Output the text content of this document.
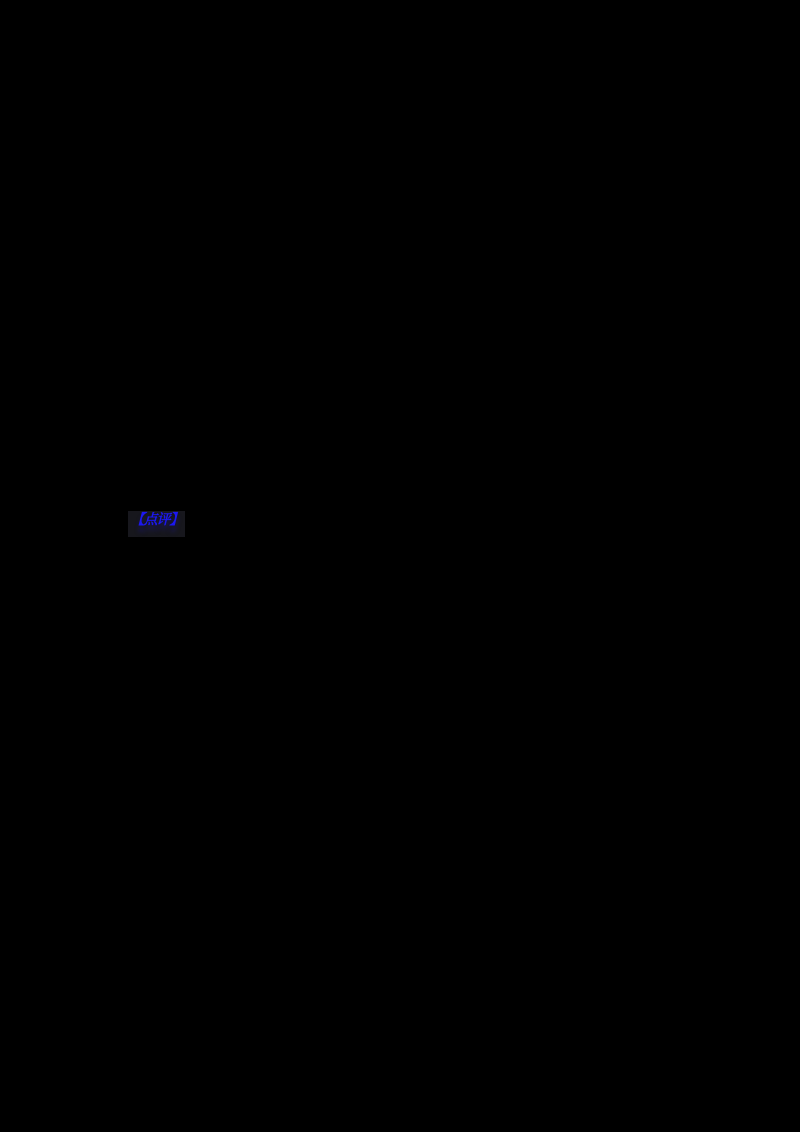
【点评】
